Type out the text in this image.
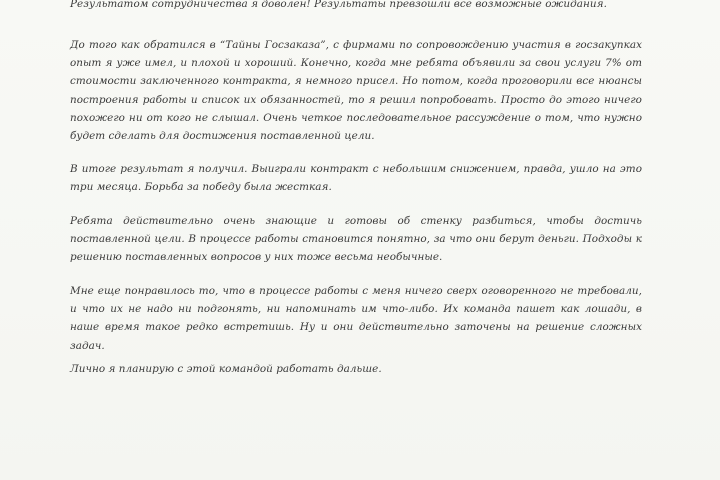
Результатом сотрудничества я доволен! Результаты превзошли все возможные ожидания.

До того как обратился в “Тайны Госзаказа”, с фирмами по сопровождению участия в госзакупках опыт я уже имел, и плохой и хороший. Конечно, когда мне ребята объявили за свои услуги 7% от стоимости заключенного контракта, я немного присел. Но потом, когда проговорили все нюансы построения работы и список их обязанностей, то я решил попробовать. Просто до этого ничего похожего ни от кого не слышал. Очень четкое последовательное рассуждение о том, что нужно будет сделать для достижения поставленной цели.

В итоге результат я получил. Выиграли контракт с небольшим снижением, правда, ушло на это три месяца. Борьба за победу была жесткая.

Ребята действительно очень знающие и готовы об стенку разбиться, чтобы достичь поставленной цели. В процессе работы становится понятно, за что они берут деньги. Подходы к решению поставленных вопросов у них тоже весьма необычные.

Мне еще понравилось то, что в процессе работы с меня ничего сверх оговоренного не требовали, и что их не надо ни подгонять, ни напоминать им что-либо. Их команда пашет как лошади, в наше время такое редко встретишь. Ну и они действительно заточены на решение сложных задач.

Лично я планирую с этой командой работать дальше.
